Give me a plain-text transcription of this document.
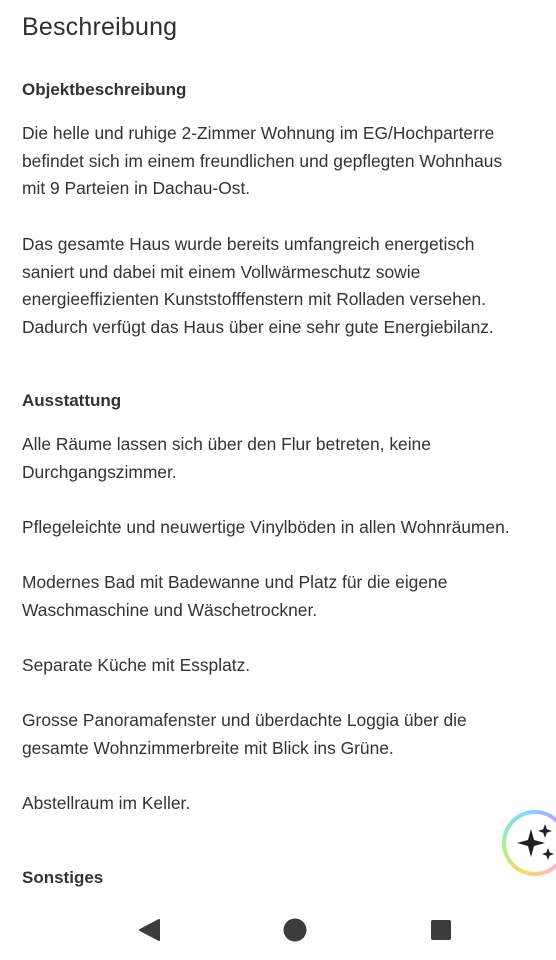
Beschreibung
Objektbeschreibung

Die helle und ruhige 2-Zimmer Wohnung im EG/Hochparterre
befindet sich im einem freundlichen und gepflegten Wohnhaus
mit 9 Parteien in Dachau-Ost.

Das gesamte Haus wurde bereits umfangreich energetisch
saniert und dabei mit einem Vollwärmeschutz sowie
energieeffizienten Kunststofffenstern mit Rolladen versehen.
Dadurch verfügt das Haus über eine sehr gute Energiebilanz.

Ausstattung

Alle Räume lassen sich über den Flur betreten, keine
Durchgangszimmer.

Pflegeleichte und neuwertige Vinylböden in allen Wohnräumen.

Modernes Bad mit Badewanne und Platz für die eigene
Waschmaschine und Wäschetrockner.

Separate Küche mit Essplatz.

Grosse Panoramafenster und überdachte Loggia über die
gesamte Wohnzimmerbreite mit Blick ins Grüne.

Abstellraum im Keller.

Sonstiges
